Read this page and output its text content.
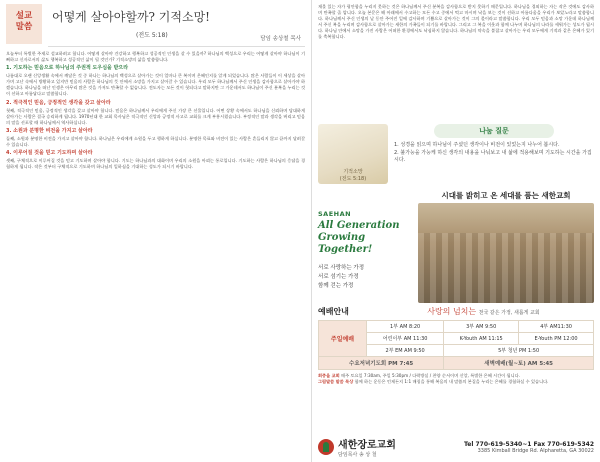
설교
말씀
어떻게 살아야할까? 기적소망!
(전도 5:18)	담임 송상철 목사

오늘부터 특별한 주제로 설교하려고 합니다. 어떻게 살아야 건강하고 행복하고 성공적인 인생을 살 수 있을까? 하나님의 백성으로 우리는 어떻게 살아야 하나님이 기뻐하고 신자로서의 삶도 행복하고 성공적인 삶이 될 것인가? 기적소망의 삶을 말씀합니다.

1. 기도하는 믿음으로 하나님의 주권적 도우심을 받으라

나름대로 오랜 신앙생활 속에서 깨달은 것 중 하나는 하나님의 백성으로 살아가는 것이 얼마나 큰 복이며 은혜인지를 알게 되었습니다. 많은 사람들이 이 세상을 살아가며 고난 속에서 방황하고 있지만 믿음의 사람은 하나님의 뜻 안에서 소망을 가지고 살아갈 수 있습니다. 우리 모두 하나님께서 주신 인생을 감사함으로 살아가야 하겠습니다. 하나님을 떠난 인생은 아무리 많은 것을 가져도 만족할 수 없습니다. 전도자는 모든 것이 헛되다고 말하지만 그 가운데서도 하나님이 주신 분복을 누리는 것이 선하고 아름답다고 말씀합니다.

2. 적극적인 믿음, 긍정적인 생각을 갖고 살아라

첫째, 적극적인 믿음, 긍정적인 생각을 갖고 살아야 합니다. 믿음은 하나님께서 우리에게 주신 가장 큰 선물입니다. 어떤 상황 속에서도 하나님을 신뢰하며 담대하게 살아가는 사람은 결국 승리하게 됩니다. 1970년대 한 교회 목사님은 적극적인 신앙과 긍정적 사고로 교회를 크게 부흥시켰습니다. 부정적인 말과 생각을 버리고 믿음의 말을 선포할 때 하나님께서 역사하십니다.

3. 소원과 분명한 비전을 가지고 살아라

둘째, 소원과 분명한 비전을 가지고 살아야 합니다. 하나님은 우리에게 소원을 두고 행하게 하십니다. 분명한 목표와 비전이 있는 사람은 흔들리지 않고 끝까지 달려갈 수 있습니다.

4. 이루어질 것을 믿고 기도하며 살아라

셋째, 구체적으로 이루어질 것을 믿고 기도하며 살아야 합니다. 기도는 하나님과의 대화이며 우리의 소원을 아뢰는 통로입니다. 기도하는 사람은 하나님의 응답을 경험하게 됩니다. 작은 것부터 구체적으로 기도하며 하나님의 일하심을 기대하는 성도가 되시기 바랍니다.

재물 있는 자가 평안함을 누리지 못하는 것은 하나님께서 주신 분복을 감사함으로 받지 못하기 때문입니다. 하나님을 경외하는 자는 작은 것에도 감사하며 만족할 줄 압니다. 오늘 본문은 해 아래에서 수고하는 모든 수고 중에서 먹고 마시며 낙을 보는 것이 선하고 아름다움을 우리가 보았노라고 말씀합니다. 하나님께서 주신 인생의 날 동안 주어진 일에 감사하며 기쁨으로 살아가는 것이 그의 몫이라고 말씀합니다. 우리 모두 믿음과 소망 가운데 하나님께서 주신 복을 누리며 감사함으로 살아가는 새한의 가족들이 되기를 바랍니다. 그리고 그 복을 이웃과 함께 나누며 하나님의 나라를 세워가는 성도가 됩시다. 하나님 안에서 소망을 가진 사람은 어떠한 환경에서도 낙심하지 않습니다. 하나님의 약속을 붙잡고 살아가는 우리 모두에게 기적과 같은 은혜가 있기를 축복합니다.
기적소망
(전도 5:18)
나눔 질문
1. 성경을 읽으며 하나님이 주셨던 생각이나 비전이 있었는지 나누어 봅시다.
2. 불가능을 가능케 하신 생각의 내용을 나눠보고 내 삶에 적용해보며 기도하는 시간을 가집시다.
SAEHAN
All Generation
Growing Together!
서로 사랑하는 가정
서로 섬기는 가정
함께 걷는 가정
시대를 밝히고 온 세대를 품는 새한교회
예배안내	사랑의 넘치는 천국 같은 가정, 새롭게 교회
주일예배	1부 AM 8:20	3부 AM 9:50	4부 AM11:30
	어린이부 AM 11:30	K-Youth AM 11:15	E-Youth PM 12:00
	2부 EM AM 9:50	5부 청년 PM 1:50	
수요저녁기도회 PM 7:45		새벽예배(월~토) AM 5:45	
회중을 교회 매주 토요일 7:30am, 주일 5:30pm / 다락방실 / 찬양 순서이며 신앙, 특별한 은혜 시간이 됩니다.
그림말씀 말씀 묵상 함께 하는 운동은 언제든지 1:1 매칭을 통해 복음의 내 말씀의 본질을 누리는 은혜를 경험하실 수 있습니다.
새한장로교회
담임목사 송 상 철
Tel 770-619-5340~1 Fax 770-619-5342
3385 Kimball Bridge Rd. Alpharetta, GA 30022
